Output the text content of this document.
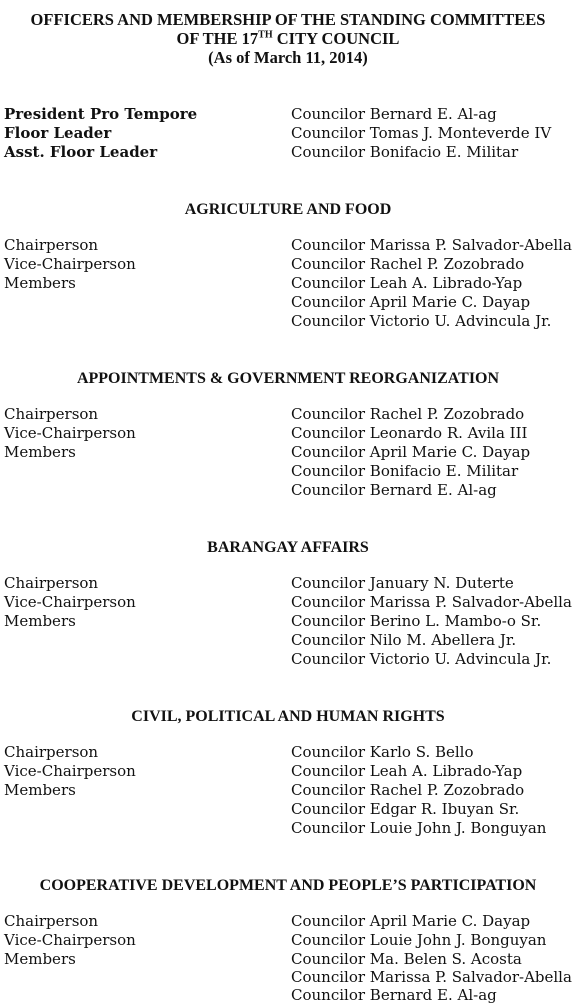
OFFICERS AND MEMBERSHIP OF THE STANDING COMMITTEES
OF THE 17TH CITY COUNCIL
(As of March 11, 2014)
President Pro Tempore	Councilor Bernard E. Al-ag
Floor Leader	Councilor Tomas J. Monteverde IV
Asst. Floor Leader	Councilor Bonifacio E. Militar
AGRICULTURE AND FOOD
Chairperson	Councilor Marissa P. Salvador-Abella
Vice-Chairperson	Councilor Rachel P. Zozobrado
Members	Councilor Leah A. Librado-Yap
Councilor April Marie C. Dayap
Councilor Victorio U. Advincula Jr.
APPOINTMENTS & GOVERNMENT REORGANIZATION
Chairperson	Councilor Rachel P. Zozobrado
Vice-Chairperson	Councilor Leonardo R. Avila III
Members	Councilor April Marie C. Dayap
Councilor Bonifacio E. Militar
Councilor Bernard E. Al-ag
BARANGAY AFFAIRS
Chairperson	Councilor January N. Duterte
Vice-Chairperson	Councilor Marissa P. Salvador-Abella
Members	Councilor Berino L. Mambo-o Sr.
Councilor Nilo M. Abellera Jr.
Councilor Victorio U. Advincula Jr.
CIVIL, POLITICAL AND HUMAN RIGHTS
Chairperson	Councilor Karlo S. Bello
Vice-Chairperson	Councilor Leah A. Librado-Yap
Members	Councilor Rachel P. Zozobrado
Councilor Edgar R. Ibuyan Sr.
Councilor Louie John J. Bonguyan
COOPERATIVE DEVELOPMENT AND PEOPLE’S PARTICIPATION
Chairperson	Councilor April Marie C. Dayap
Vice-Chairperson	Councilor Louie John J. Bonguyan
Members	Councilor Ma. Belen S. Acosta
Councilor Marissa P. Salvador-Abella
Councilor Bernard E. Al-ag
